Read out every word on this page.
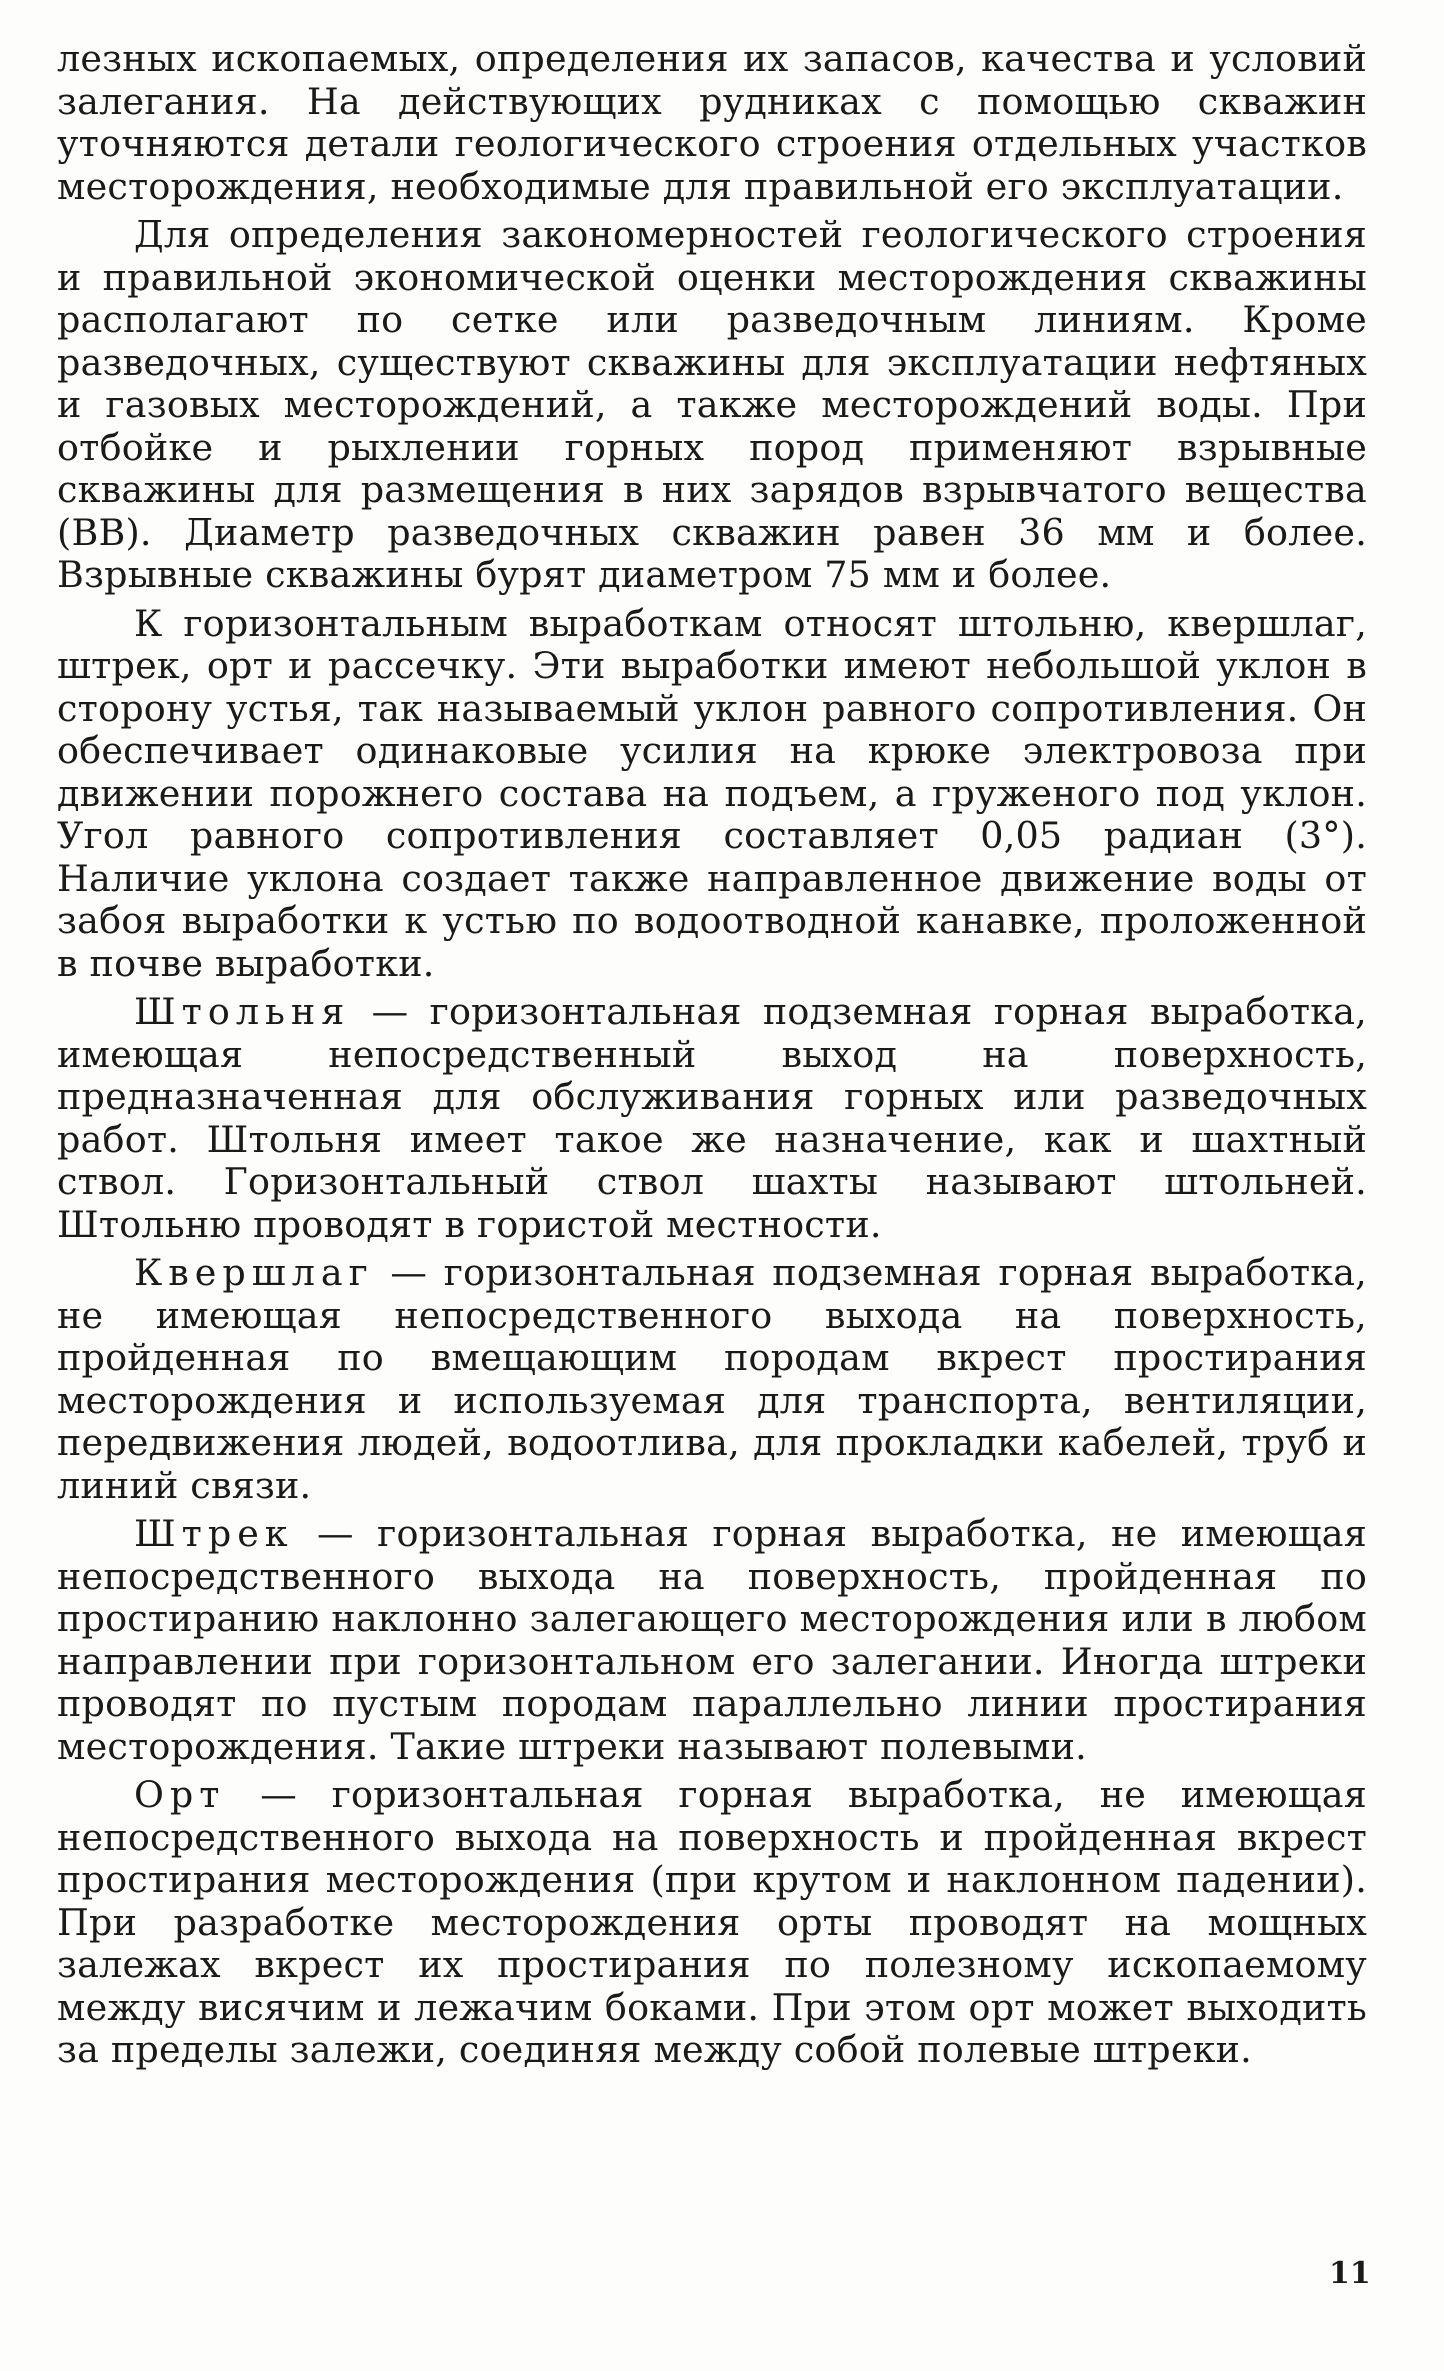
лезных ископаемых, определения их запасов, качества и условий залегания. На действующих рудниках с помощью скважин уточняются детали геологического строения отдельных участков месторождения, необходимые для правильной его эксплуатации.

Для определения закономерностей геологического строения и правильной экономической оценки месторождения скважины располагают по сетке или разведочным линиям. Кроме разведочных, существуют скважины для эксплуатации нефтяных и газовых месторождений, а также месторождений воды. При отбойке и рыхлении горных пород применяют взрывные скважины для размещения в них зарядов взрывчатого вещества (ВВ). Диаметр разведочных скважин равен 36 мм и более. Взрывные скважины бурят диаметром 75 мм и более.

К горизонтальным выработкам относят штольню, квершлаг, штрек, орт и рассечку. Эти выработки имеют небольшой уклон в сторону устья, так называемый уклон равного сопротивления. Он обеспечивает одинаковые усилия на крюке электровоза при движении порожнего состава на подъем, а груженого под уклон. Угол равного сопротивления составляет 0,05 радиан (3°). Наличие уклона создает также направленное движение воды от забоя выработки к устью по водоотводной канавке, проложенной в почве выработки.

Штольня — горизонтальная подземная горная выработка, имеющая непосредственный выход на поверхность, предназначенная для обслуживания горных или разведочных работ. Штольня имеет такое же назначение, как и шахтный ствол. Горизонтальный ствол шахты называют штольней. Штольню проводят в гористой местности.

Квершлаг — горизонтальная подземная горная выработка, не имеющая непосредственного выхода на поверхность, пройденная по вмещающим породам вкрест простирания месторождения и используемая для транспорта, вентиляции, передвижения людей, водоотлива, для прокладки кабелей, труб и линий связи.

Штрек — горизонтальная горная выработка, не имеющая непосредственного выхода на поверхность, пройденная по простиранию наклонно залегающего месторождения или в любом направлении при горизонтальном его залегании. Иногда штреки проводят по пустым породам параллельно линии простирания месторождения. Такие штреки называют полевыми.

Орт — горизонтальная горная выработка, не имеющая непосредственного выхода на поверхность и пройденная вкрест простирания месторождения (при крутом и наклонном падении). При разработке месторождения орты проводят на мощных залежах вкрест их простирания по полезному ископаемому между висячим и лежачим боками. При этом орт может выходить за пределы залежи, соединяя между собой полевые штреки.

11
